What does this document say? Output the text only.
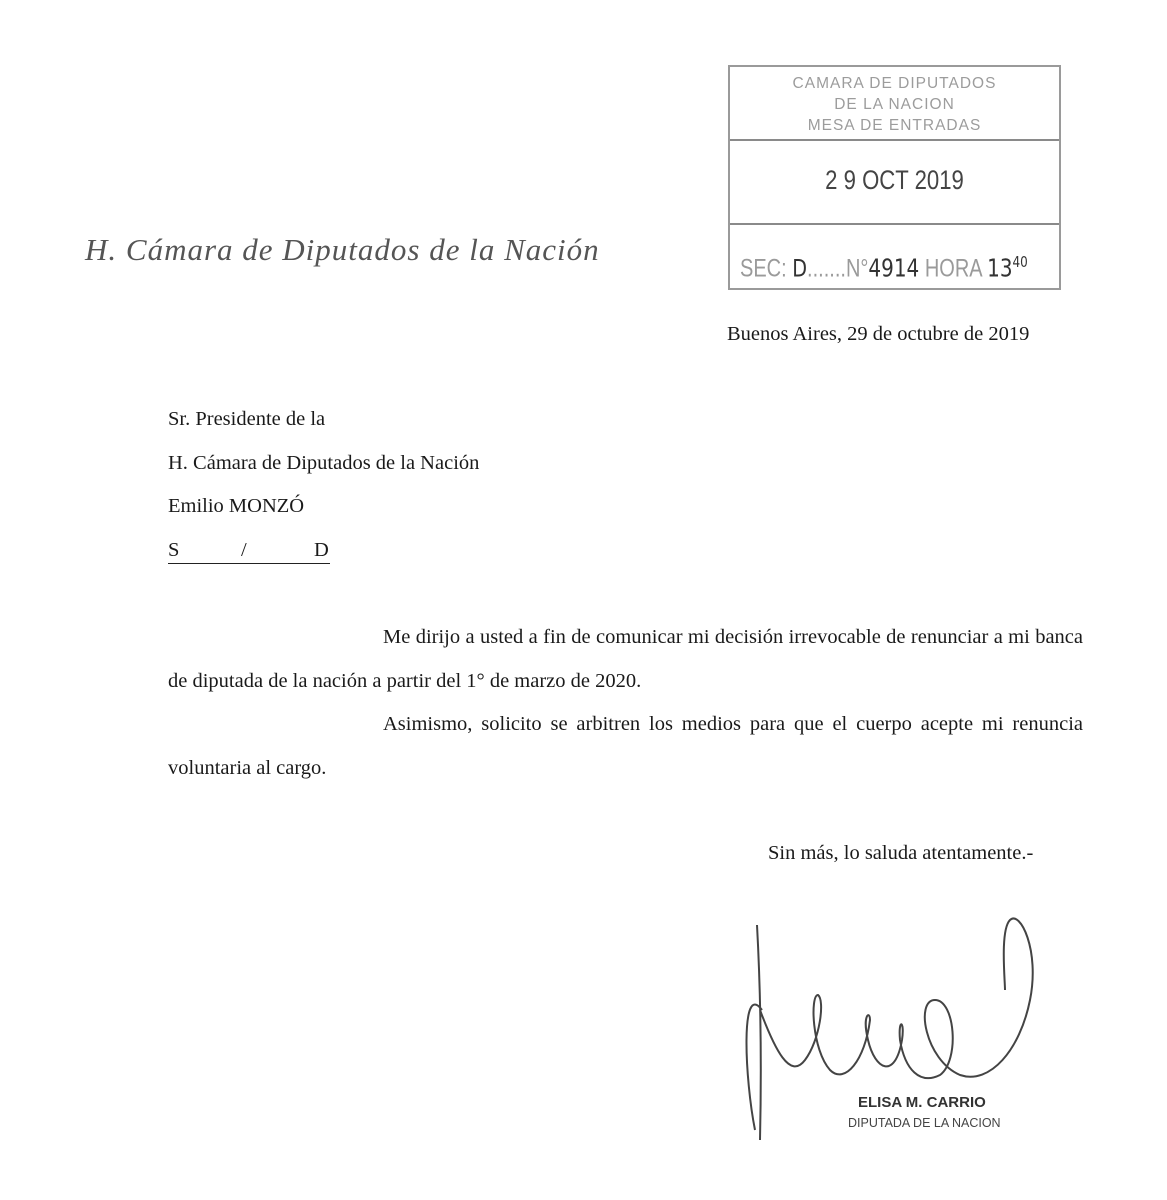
CAMARA DE DIPUTADOS
DE LA NACION
MESA DE ENTRADAS
2 9 OCT 2019
SEC: D.......N°4914 HORA $13^{40}$
H. Cámara de Diputados de la Nación
Buenos Aires, 29 de octubre de 2019
Sr. Presidente de la
H. Cámara de Diputados de la Nación
Emilio MONZÓ
S	/	D
Me dirijo a usted a fin de comunicar mi decisión irrevocable de renunciar a mi banca de diputada de la nación a partir del 1° de marzo de 2020.
Asimismo, solicito se arbitren los medios para que el cuerpo acepte mi renuncia voluntaria al cargo.
Sin más, lo saluda atentamente.-
ELISA M. CARRIO
DIPUTADA DE LA NACION
